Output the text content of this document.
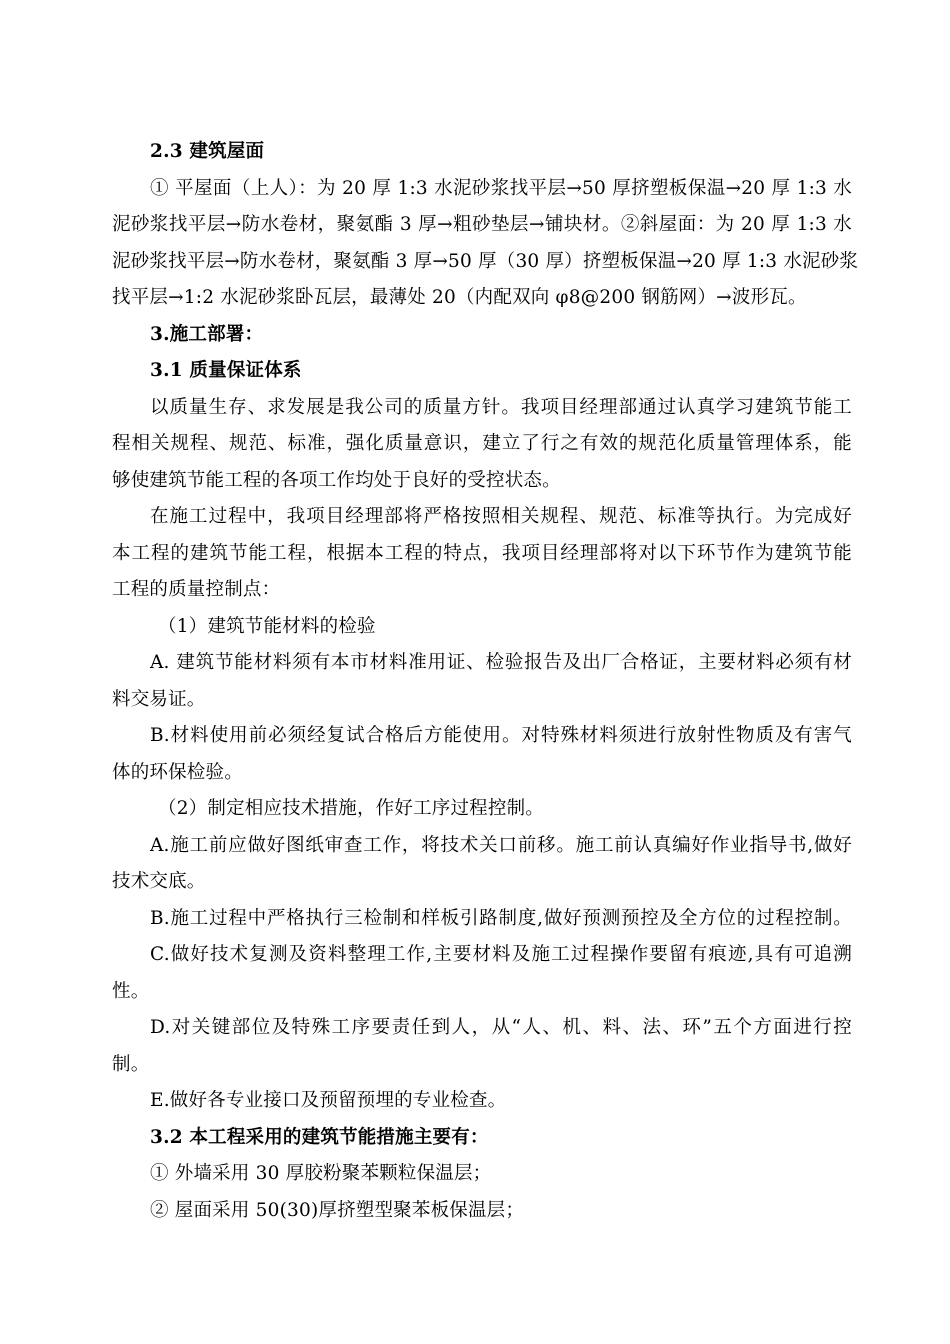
2.3 建筑屋面
① 平屋面（上人）：为 20 厚 1:3 水泥砂浆找平层→50 厚挤塑板保温→20 厚 1:3 水
泥砂浆找平层→防水卷材，聚氨酯 3 厚→粗砂垫层→铺块材。②斜屋面：为 20 厚 1:3 水
泥砂浆找平层→防水卷材，聚氨酯 3 厚→50 厚（30 厚）挤塑板保温→20 厚 1:3 水泥砂浆
找平层→1:2 水泥砂浆卧瓦层，最薄处 20（内配双向 φ8@200 钢筋网）→波形瓦。
3.施工部署：
3.1 质量保证体系
以质量生存、求发展是我公司的质量方针。我项目经理部通过认真学习建筑节能工
程相关规程、规范、标准，强化质量意识，建立了行之有效的规范化质量管理体系，能
够使建筑节能工程的各项工作均处于良好的受控状态。
在施工过程中，我项目经理部将严格按照相关规程、规范、标准等执行。为完成好
本工程的建筑节能工程，根据本工程的特点，我项目经理部将对以下环节作为建筑节能
工程的质量控制点：
（1）建筑节能材料的检验
A. 建筑节能材料须有本市材料准用证、检验报告及出厂合格证，主要材料必须有材
料交易证。
B.材料使用前必须经复试合格后方能使用。对特殊材料须进行放射性物质及有害气
体的环保检验。
（2）制定相应技术措施，作好工序过程控制。
A.施工前应做好图纸审查工作，将技术关口前移。施工前认真编好作业指导书,做好
技术交底。
B.施工过程中严格执行三检制和样板引路制度,做好预测预控及全方位的过程控制。
C.做好技术复测及资料整理工作,主要材料及施工过程操作要留有痕迹,具有可追溯
性。
D.对关键部位及特殊工序要责任到人，从“人、机、料、法、环”五个方面进行控
制。
E.做好各专业接口及预留预埋的专业检查。
3.2 本工程采用的建筑节能措施主要有：
① 外墙采用 30 厚胶粉聚苯颗粒保温层；
② 屋面采用 50(30)厚挤塑型聚苯板保温层；
